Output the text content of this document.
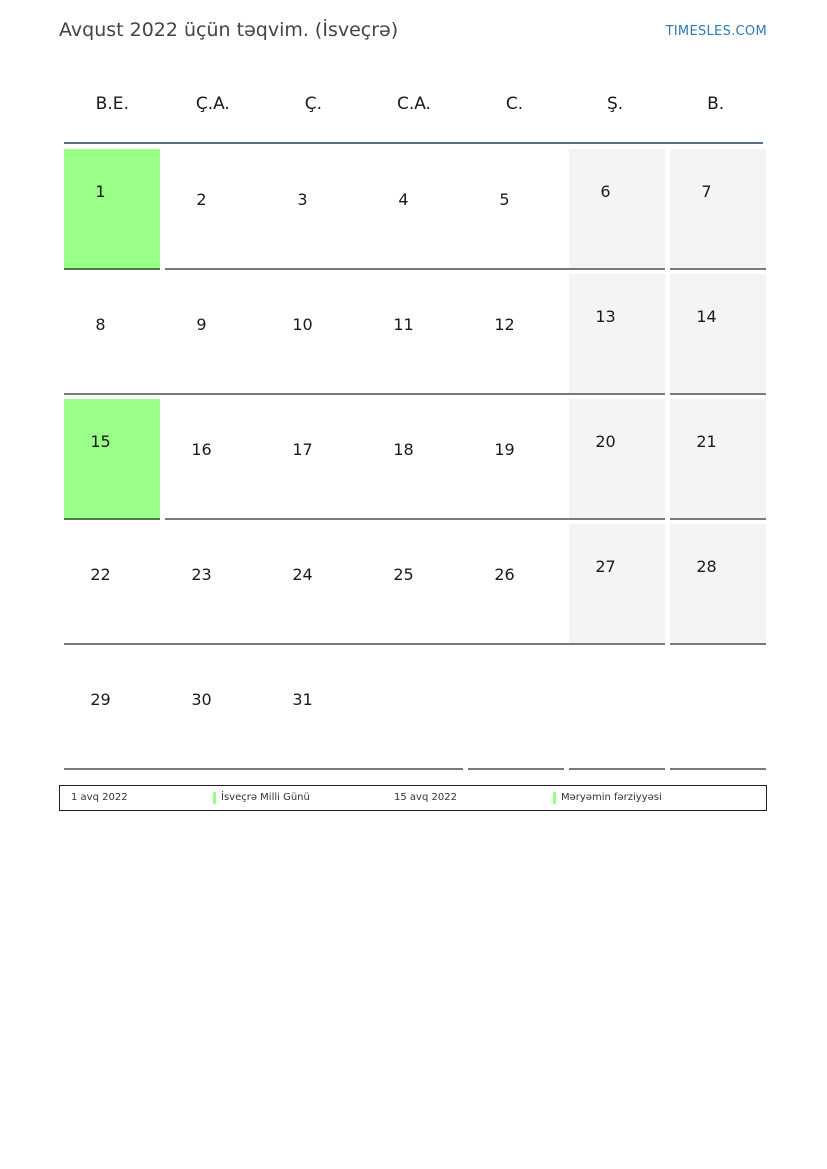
Avqust 2022 üçün təqvim. (İsveçrə)	TIMESLES.COM
B.E.	Ç.A.	Ç.	C.A.	C.	Ş.	B.
1	2	3	4	5	6	7
8	9	10	11	12	13	14
15	16	17	18	19	20	21
22	23	24	25	26	27	28
29	30	31
1 avq 2022	İsveçrə Milli Günü	15 avq 2022	Məryəmin fərziyyəsi
